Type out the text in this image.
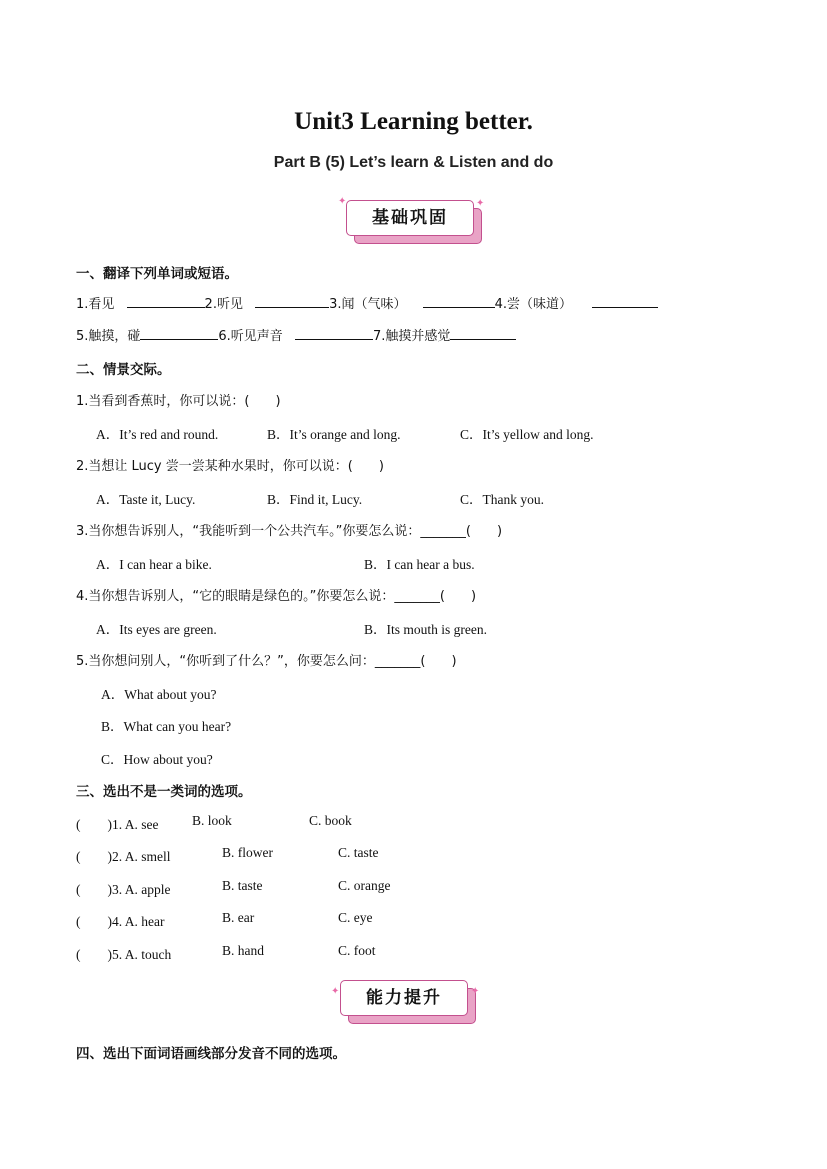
Unit3 Learning better.
Part B (5) Let’s learn & Listen and do
基础巩固
✦	✦
一、翻译下列单词或短语。
1.看见	2.听见	3.闻（气味）	4.尝（味道）
5.触摸，碰	6.听见声音	7.触摸并感觉
二、情景交际。
1.当看到香蕉时，你可以说：(　　)
A．It’s red and round.	B．It’s orange and long.	C．It’s yellow and long.
2.当想让 Lucy 尝一尝某种水果时，你可以说：(　　)
A．Taste it, Lucy.	B．Find it, Lucy.	C．Thank you.
3.当你想告诉别人，“我能听到一个公共汽车。”你要怎么说：_______(　　)
A．I can hear a bike.	B．I can hear a bus.
4.当你想告诉别人，“它的眼睛是绿色的。”你要怎么说：_______(　　)
A．Its eyes are green.	B．Its mouth is green.
5.当你想问别人，“你听到了什么？”，你要怎么问：_______(　　)
A．What about you?
B．What can you hear?
C．How about you?
三、选出不是一类词的选项。
(　　)1. A. see B. look	C. book
(　　)2. A. smell	B. flower	C. taste
(　　)3. A. apple	B. taste	C. orange
(　　)4. A. hear	B. ear	C. eye
(　　)5. A. touch	B. hand	C. foot
能力提升
✦	✦
四、选出下面词语画线部分发音不同的选项。
